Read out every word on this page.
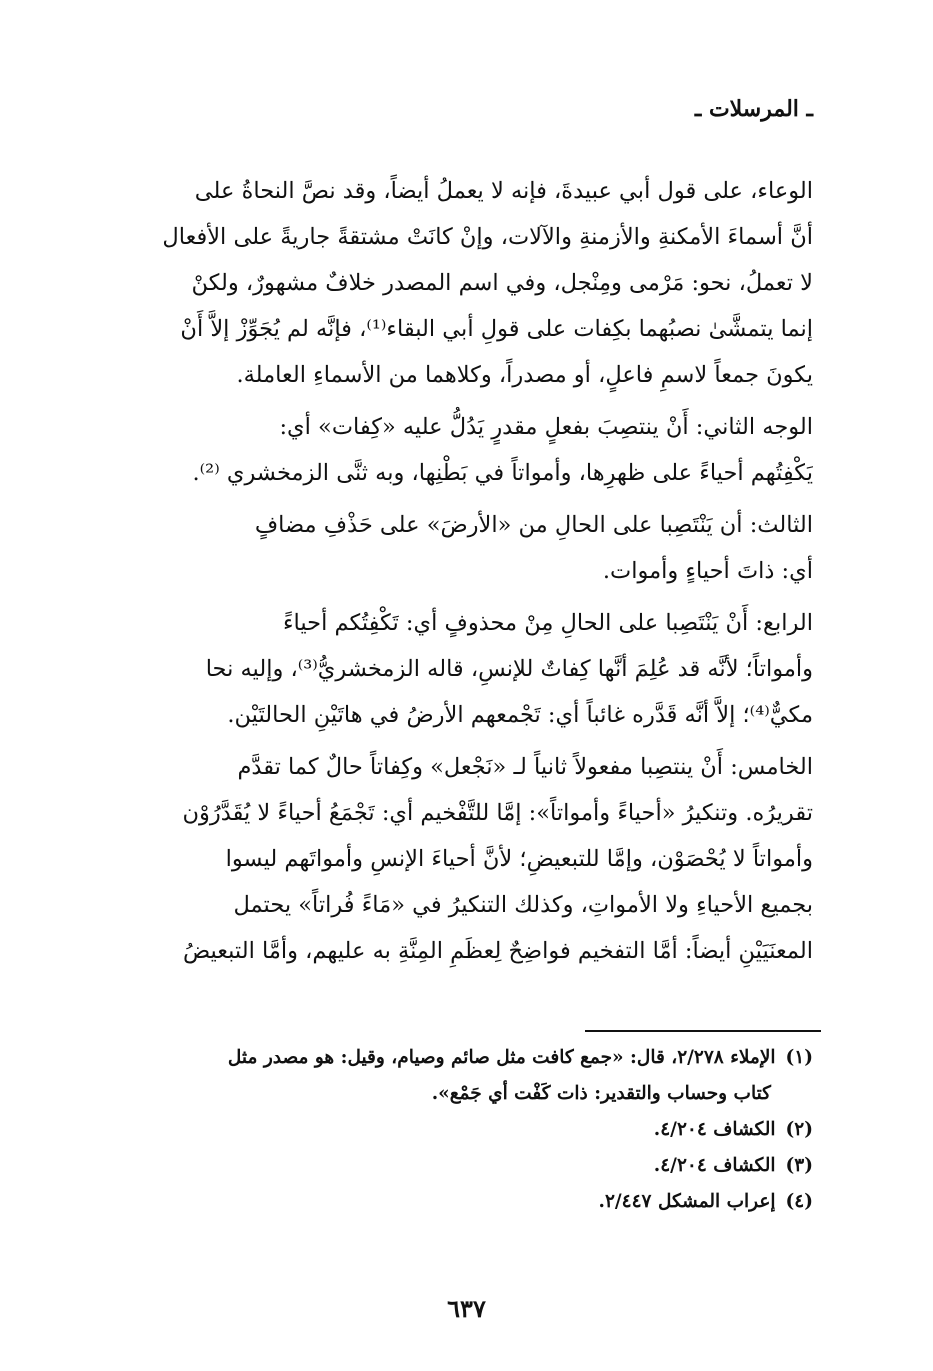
ـ المرسلات ـ
الوعاء، على قول أبي عبيدةَ، فإنه لا يعملُ أيضاً، وقد نصَّ النحاةُ على
أنَّ أسماءَ الأمكنةِ والأزمنةِ والآلات، وإنْ كانَتْ مشتقةً جاريةً على الأفعال
لا تعملُ، نحو: مَرْمى ومِنْجل، وفي اسم المصدر خلافٌ مشهورٌ، ولكنْ
إنما يتمشَّىٰ نصبُهما بكِفات على قولِ أبي البقاء⁽¹⁾، فإنَّه لم يُجَوِّزْ إلاَّ أَنْ
يكونَ جمعاً لاسمِ فاعلٍ، أو مصدراً، وكلاهما من الأسماءِ العاملة.
الوجه الثاني: أَنْ ينتصِبَ بفعلٍ مقدرٍ يَدُلُّ عليه «كِفات» أي:
يَكْفِتُهم أحياءً على ظهرِها، وأمواتاً في بَطْنِها، وبه ثنَّى الزمخشري ⁽²⁾.
الثالث: أن يَنْتَصِبا على الحالِ من «الأرضَ» على حَذْفِ مضافٍ
أي: ذاتَ أحياءٍ وأموات.
الرابع: أَنْ يَنْتَصِبا على الحالِ مِنْ محذوفٍ أي: تَكْفِتُكم أحياءً
وأمواتاً؛ لأنَّه قد عُلِمَ أنَّها كِفاتٌ للإنسِ، قاله الزمخشريُّ⁽³⁾، وإليه نحا
مكيٌّ⁽⁴⁾؛ إلاَّ أنَّه قَدَّره غائباً أي: تَجْمعهم الأرضُ في هاتَيْنِ الحالتَيْن.
الخامس: أَنْ ينتصِبا مفعولاً ثانياً لـ «نَجْعل» وكِفاتاً حالٌ كما تقدَّم
تقريرُه. وتنكيرُ «أحياءً وأمواتاً»: إمَّا للتَّفْخيم أي: تَجْمَعُ أحياءً لا يُقَدَّرُوْن
وأمواتاً لا يُحْصَوْن، وإمَّا للتبعيضِ؛ لأنَّ أحياءَ الإنسِ وأمواتَهم ليسوا
بجميع الأحياءِ ولا الأمواتِ، وكذلك التنكيرُ في «مَاءً فُراتاً» يحتمل
المعنَيَيْنِ أيضاً: أمَّا التفخيم فواضِحٌ لِعظَمِ المِنَّةِ به عليهم، وأمَّا التبعيضُ
(١)الإملاء ٢/٢٧٨، قال: «جمع كافت مثل صائم وصيام، وقيل: هو مصدر مثل
كتاب وحساب والتقدير: ذات كَفْت أي جَمْع».
(٢)الكشاف ٤/٢٠٤.
(٣)الكشاف ٤/٢٠٤.
(٤)إعراب المشكل ٢/٤٤٧.
٦٣٧
